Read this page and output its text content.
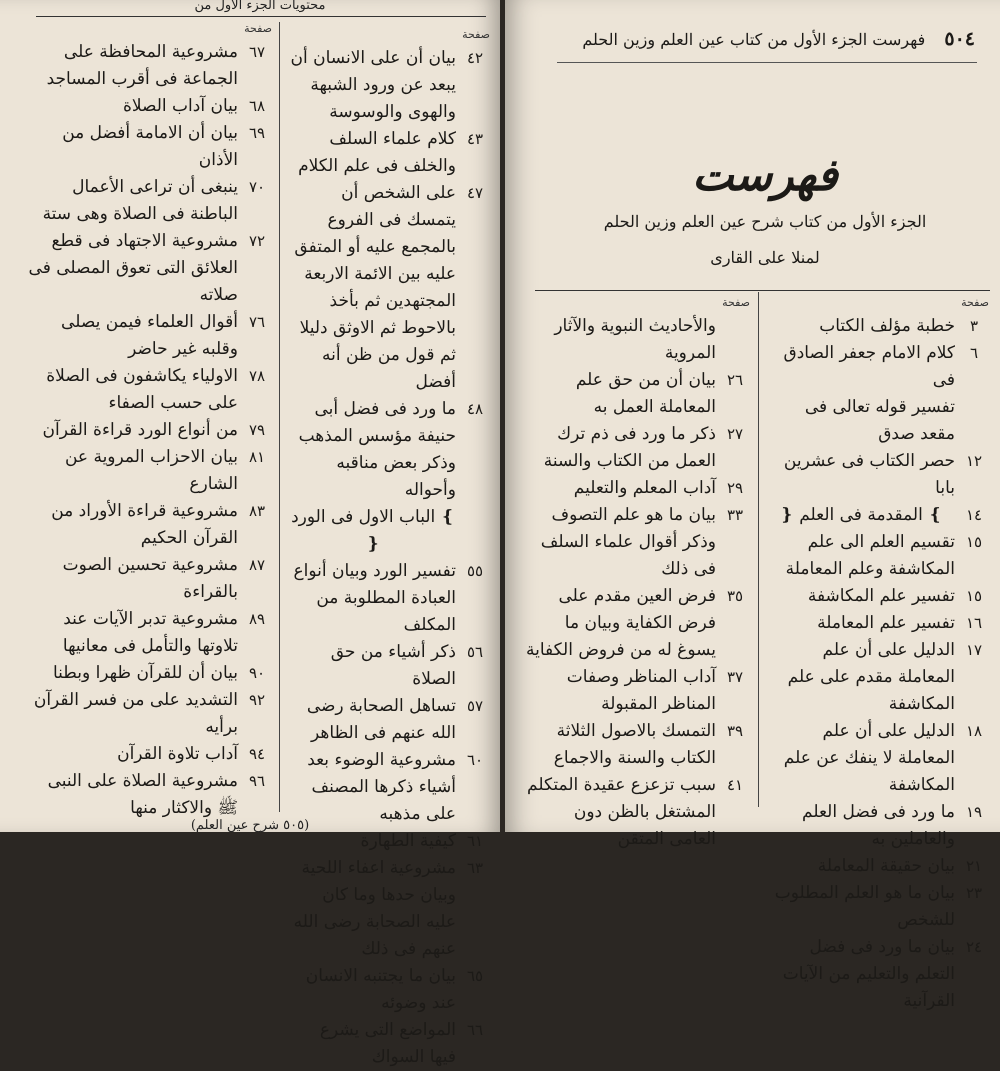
محتويات الجزء الاول من
صفحة
٤٢
بيان أن على الانسان أن يبعد عن ورود الشبهة والهوى والوسوسة
٤٣
كلام علماء السلف والخلف فى علم الكلام
٤٧
على الشخص أن يتمسك فى الفروع بالمجمع عليه أو المتفق عليه بين الائمة الاربعة المجتهدين ثم بأخذ بالاحوط ثم الاوثق دليلا
ثم قول من ظن أنه أفضل
٤٨
ما ورد فى فضل أبى حنيفة مؤسس المذهب وذكر بعض مناقبه وأحواله
❵ الباب الاول فى الورد ❴
٥٥
تفسير الورد وبيان أنواع العبادة المطلوبة من المكلف
٥٦
ذكر أشياء من حق الصلاة
٥٧
تساهل الصحابة رضى الله عنهم فى الظاهر
٦٠
مشروعية الوضوء بعد أشياء ذكرها المصنف على مذهبه
٦١
كيفية الطهارة
٦٣
مشروعية اعفاء اللحية وبيان حدها وما كان عليه الصحابة رضى الله عنهم فى ذلك
٦٥
بيان ما يجتنبه الانسان عند وضوئه
٦٦
المواضع التى يشرع فيها السواك
صفحة
٦٧
مشروعية المحافظة على الجماعة فى أقرب المساجد
٦٨
بيان آداب الصلاة
٦٩
بيان أن الامامة أفضل من الأذان
٧٠
ينبغى أن تراعى الأعمال الباطنة فى الصلاة وهى ستة
٧٢
مشروعية الاجتهاد فى قطع العلائق التى تعوق المصلى فى صلاته
٧٦
أقوال العلماء فيمن يصلى وقلبه غير حاضر
٧٨
الاولياء يكاشفون فى الصلاة على حسب الصفاء
٧٩
من أنواع الورد قراءة القرآن
٨١
بيان الاحزاب المروية عن الشارع
٨٣
مشروعية قراءة الأوراد من القرآن الحكيم
٨٧
مشروعية تحسين الصوت بالقراءة
٨٩
مشروعية تدبر الآيات عند تلاوتها والتأمل فى معانيها
٩٠
بيان أن للقرآن ظهرا وبطنا
٩٢
التشديد على من فسر القرآن برأيه
٩٤
آداب تلاوة القرآن
٩٦
مشروعية الصلاة على النبى ﷺ والاكثار منها
(٥٠٥ شرح عين العلم)
٥٠٤ فهرست الجزء الأول من كتاب عين العلم وزين الحلم
فهرست
الجزء الأول من كتاب شرح عين العلم وزين الحلم
لمنلا على القارى
صفحة
٣
خطبة مؤلف الكتاب
٦
كلام الامام جعفر الصادق فى
تفسير قوله تعالى فى مقعد صدق
١٢
حصر الكتاب فى عشرين بابا
١٤
❵ المقدمة فى العلم ❴
١٥
تقسيم العلم الى علم المكاشفة وعلم المعاملة
١٥
تفسير علم المكاشفة
١٦
تفسير علم المعاملة
١٧
الدليل على أن علم المعاملة مقدم على علم المكاشفة
١٨
الدليل على أن علم المعاملة لا ينفك عن علم المكاشفة
١٩
ما ورد فى فضل العلم والعاملين به
٢١
بيان حقيقة المعاملة
٢٣
بيان ما هو العلم المطلوب للشخص
٢٤
بيان ما ورد فى فضل التعلم والتعليم من الآيات القرآنية
صفحة
والأحاديث النبوية والآثار المروية
٢٦
بيان أن من حق علم المعاملة العمل به
٢٧
ذكر ما ورد فى ذم ترك العمل من الكتاب والسنة
٢٩
آداب المعلم والتعليم
٣٣
بيان ما هو علم التصوف وذكر أقوال علماء السلف فى ذلك
٣٥
فرض العين مقدم على فرض الكفاية وبيان ما يسوغ له من فروض الكفاية
٣٧
آداب المناظر وصفات المناظر المقبولة
٣٩
التمسك بالاصول الثلاثة الكتاب والسنة والاجماع
٤١
سبب تزعزع عقيدة المتكلم المشتغل بالظن دون العامى المتقن
